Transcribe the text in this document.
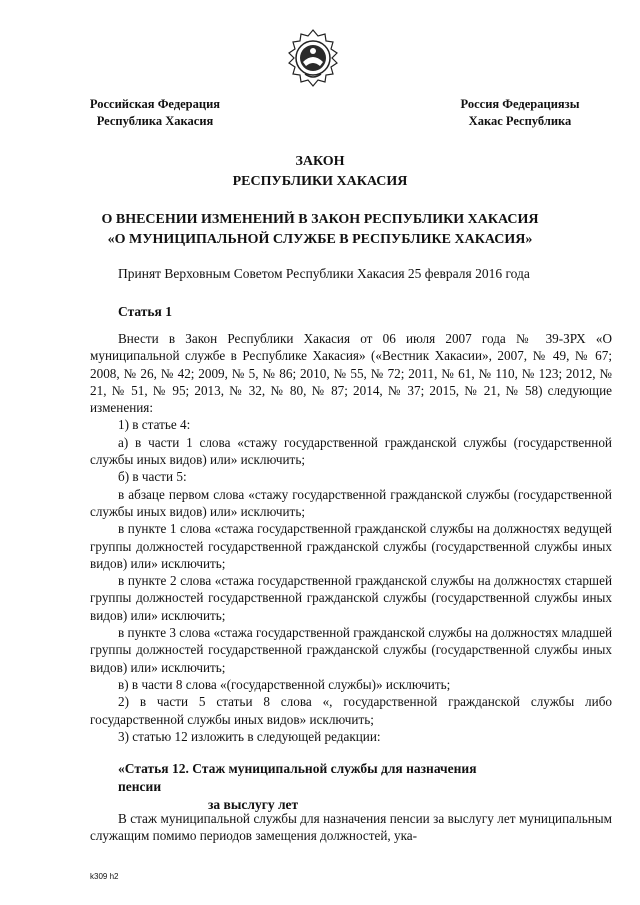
Российская Федерация
Республика Хакасия
Россия Федерациязы
Хакас Республика
ЗАКОН
РЕСПУБЛИКИ ХАКАСИЯ
О ВНЕСЕНИИ ИЗМЕНЕНИЙ В ЗАКОН РЕСПУБЛИКИ ХАКАСИЯ
«О МУНИЦИПАЛЬНОЙ СЛУЖБЕ В РЕСПУБЛИКЕ ХАКАСИЯ»
Принят Верховным Советом Республики Хакасия 25 февраля 2016 года
Статья 1

Внести в Закон Республики Хакасия от 06 июля 2007 года № 39-ЗРХ «О муниципальной службе в Республике Хакасия» («Вестник Хакасии», 2007, № 49, № 67; 2008, № 26, № 42; 2009, № 5, № 86; 2010, № 55, № 72; 2011, № 61, № 110, № 123; 2012, № 21, № 51, № 95; 2013, № 32, № 80, № 87; 2014, № 37; 2015, № 21, № 58) следующие изменения:

1) в статье 4:

а) в части 1 слова «стажу государственной гражданской службы (государственной службы иных видов) или» исключить;

б) в части 5:

в абзаце первом слова «стажу государственной гражданской службы (государственной службы иных видов) или» исключить;

в пункте 1 слова «стажа государственной гражданской службы на должностях ведущей группы должностей государственной гражданской службы (государственной службы иных видов) или» исключить;

в пункте 2 слова «стажа государственной гражданской службы на должностях старшей группы должностей государственной гражданской службы (государственной службы иных видов) или» исключить;

в пункте 3 слова «стажа государственной гражданской службы на должностях младшей группы должностей государственной гражданской службы (государственной службы иных видов) или» исключить;

в) в части 8 слова «(государственной службы)» исключить;

2) в части 5 статьи 8 слова «, государственной гражданской службы либо государственной службы иных видов» исключить;

3) статью 12 изложить в следующей редакции:

«Статья 12. Стаж муниципальной службы для назначения пенсии
за выслугу лет

В стаж муниципальной службы для назначения пенсии за выслугу лет муниципальным служащим помимо периодов замещения должностей, ука-

k309 h2
